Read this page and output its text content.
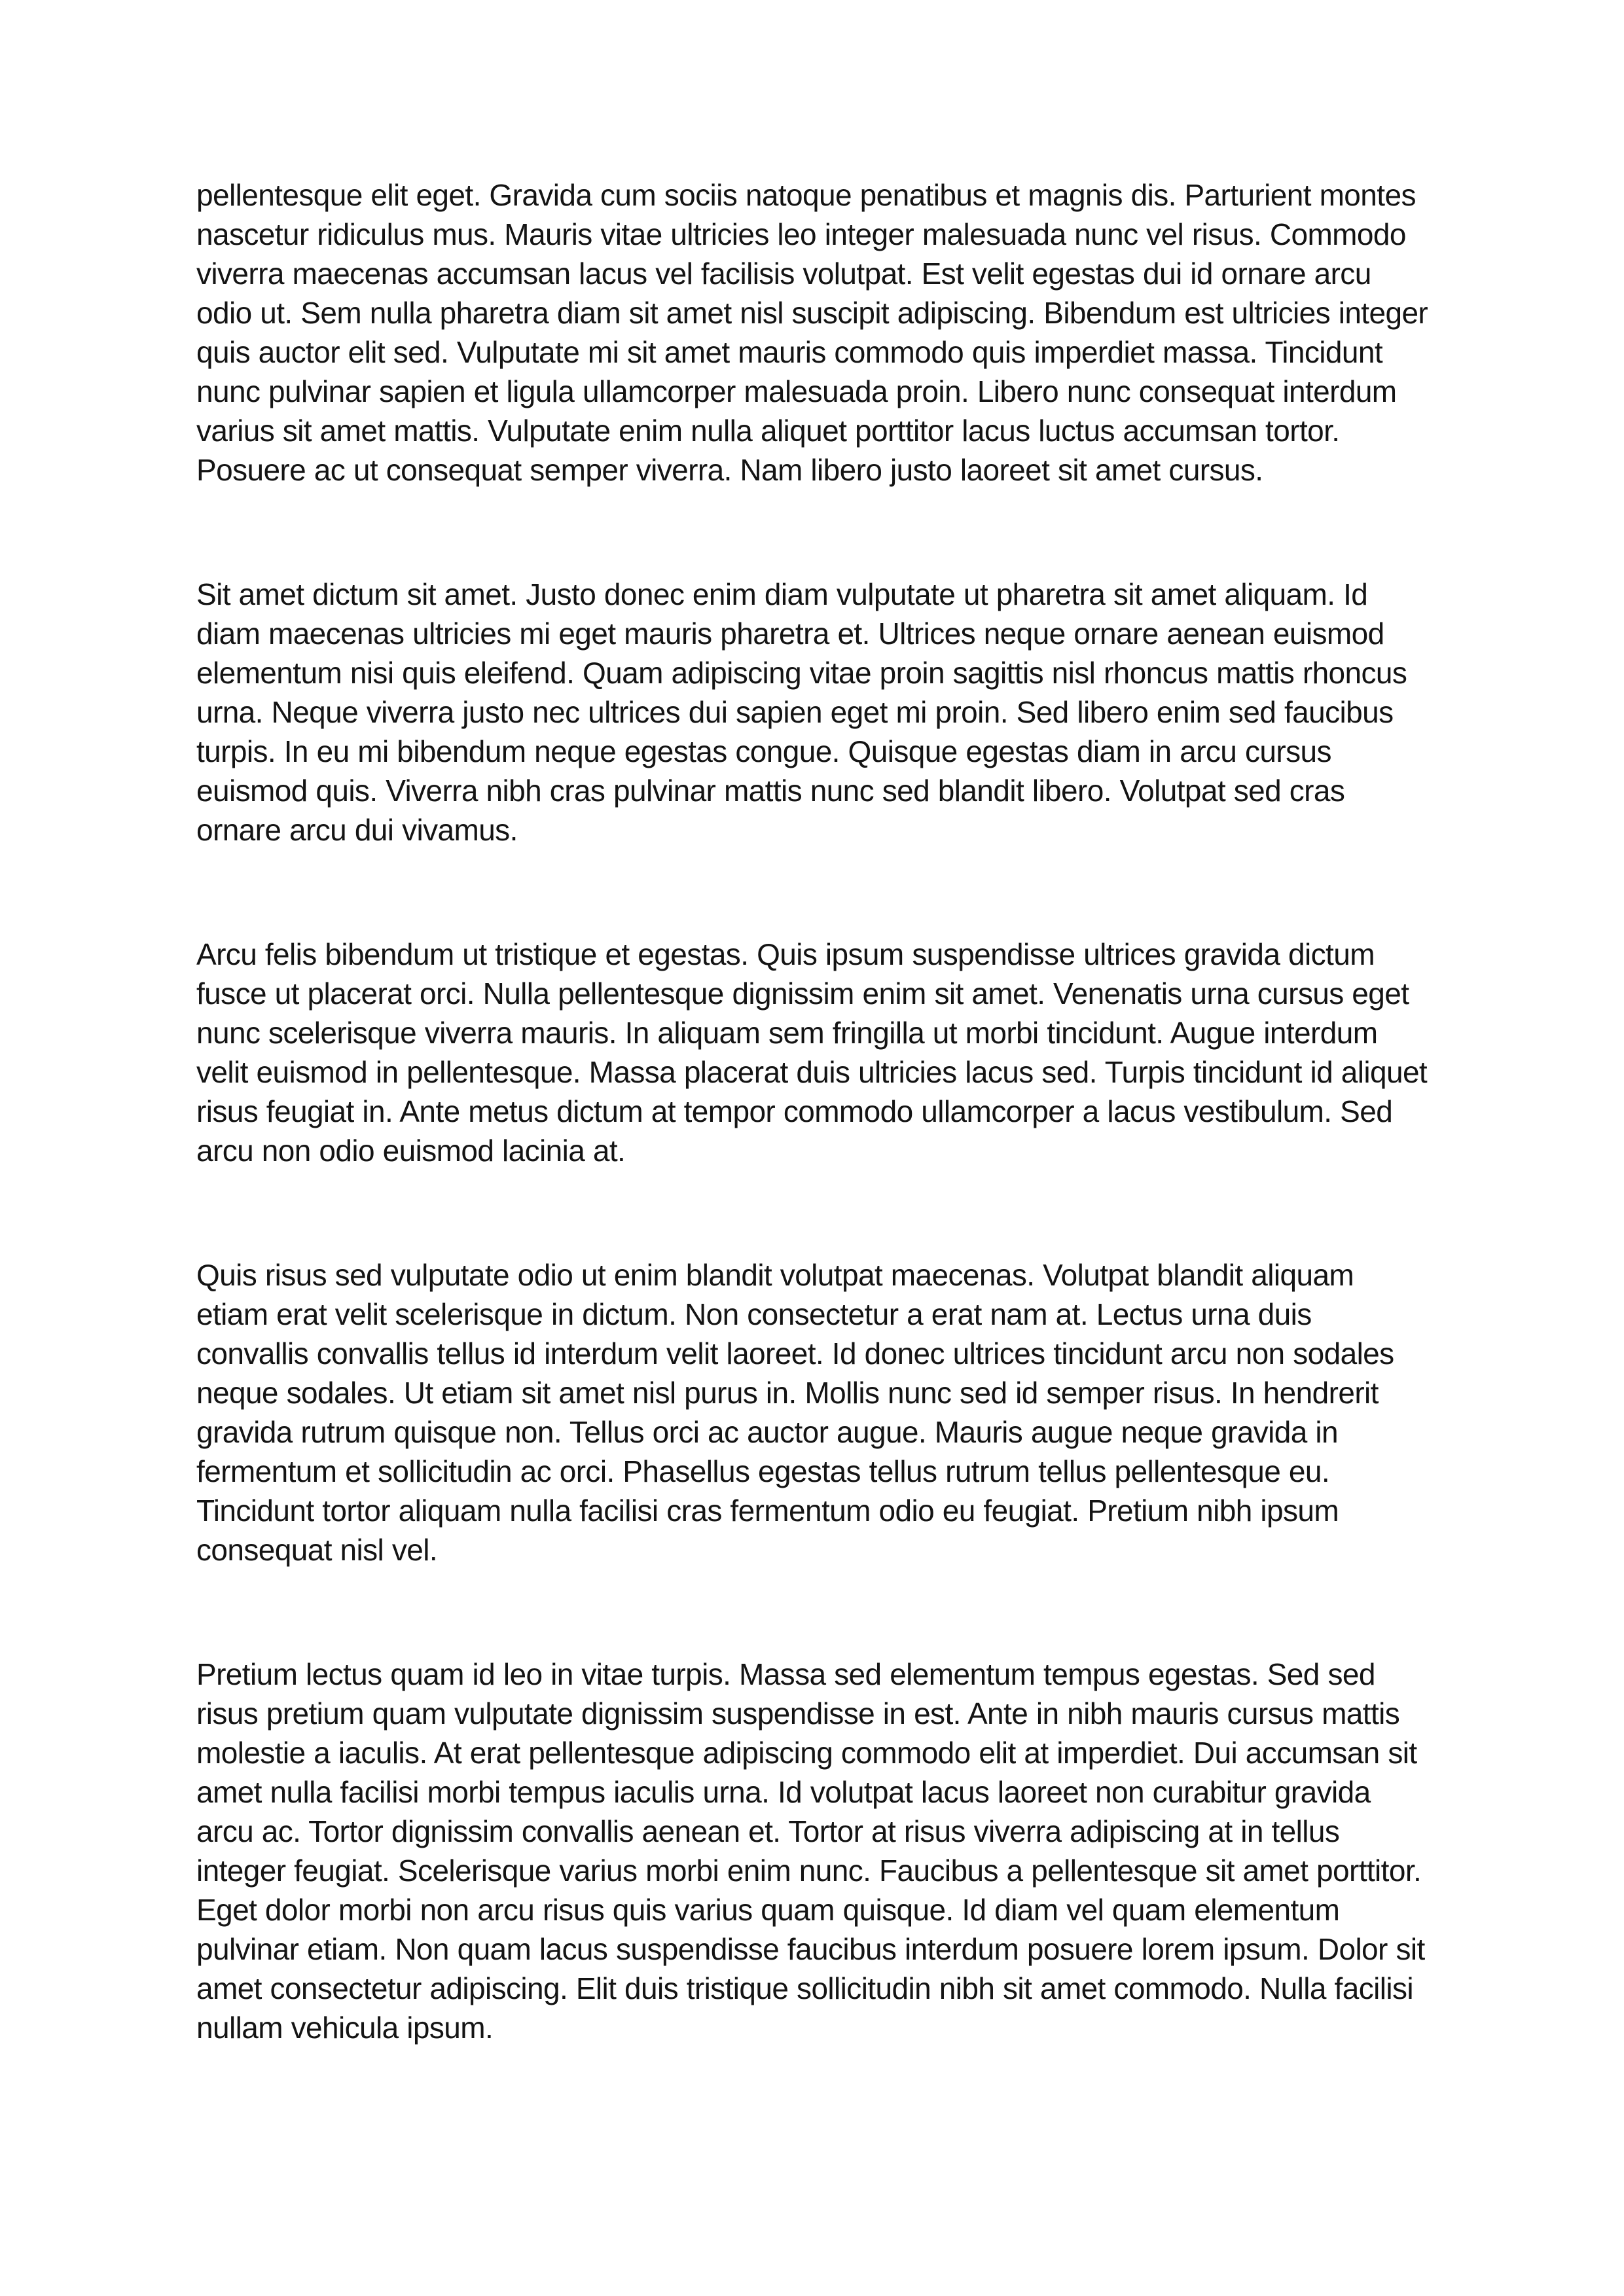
pellentesque elit eget. Gravida cum sociis natoque penatibus et magnis dis. Parturient montes nascetur ridiculus mus. Mauris vitae ultricies leo integer malesuada nunc vel risus. Commodo viverra maecenas accumsan lacus vel facilisis volutpat. Est velit egestas dui id ornare arcu odio ut. Sem nulla pharetra diam sit amet nisl suscipit adipiscing. Bibendum est ultricies integer quis auctor elit sed. Vulputate mi sit amet mauris commodo quis imperdiet massa. Tincidunt nunc pulvinar sapien et ligula ullamcorper malesuada proin. Libero nunc consequat interdum varius sit amet mattis. Vulputate enim nulla aliquet porttitor lacus luctus accumsan tortor. Posuere ac ut consequat semper viverra. Nam libero justo laoreet sit amet cursus.

Sit amet dictum sit amet. Justo donec enim diam vulputate ut pharetra sit amet aliquam. Id diam maecenas ultricies mi eget mauris pharetra et. Ultrices neque ornare aenean euismod elementum nisi quis eleifend. Quam adipiscing vitae proin sagittis nisl rhoncus mattis rhoncus urna. Neque viverra justo nec ultrices dui sapien eget mi proin. Sed libero enim sed faucibus turpis. In eu mi bibendum neque egestas congue. Quisque egestas diam in arcu cursus euismod quis. Viverra nibh cras pulvinar mattis nunc sed blandit libero. Volutpat sed cras ornare arcu dui vivamus.

Arcu felis bibendum ut tristique et egestas. Quis ipsum suspendisse ultrices gravida dictum fusce ut placerat orci. Nulla pellentesque dignissim enim sit amet. Venenatis urna cursus eget nunc scelerisque viverra mauris. In aliquam sem fringilla ut morbi tincidunt. Augue interdum velit euismod in pellentesque. Massa placerat duis ultricies lacus sed. Turpis tincidunt id aliquet risus feugiat in. Ante metus dictum at tempor commodo ullamcorper a lacus vestibulum. Sed arcu non odio euismod lacinia at.

Quis risus sed vulputate odio ut enim blandit volutpat maecenas. Volutpat blandit aliquam etiam erat velit scelerisque in dictum. Non consectetur a erat nam at. Lectus urna duis convallis convallis tellus id interdum velit laoreet. Id donec ultrices tincidunt arcu non sodales neque sodales. Ut etiam sit amet nisl purus in. Mollis nunc sed id semper risus. In hendrerit gravida rutrum quisque non. Tellus orci ac auctor augue. Mauris augue neque gravida in fermentum et sollicitudin ac orci. Phasellus egestas tellus rutrum tellus pellentesque eu. Tincidunt tortor aliquam nulla facilisi cras fermentum odio eu feugiat. Pretium nibh ipsum consequat nisl vel.

Pretium lectus quam id leo in vitae turpis. Massa sed elementum tempus egestas. Sed sed risus pretium quam vulputate dignissim suspendisse in est. Ante in nibh mauris cursus mattis molestie a iaculis. At erat pellentesque adipiscing commodo elit at imperdiet. Dui accumsan sit amet nulla facilisi morbi tempus iaculis urna. Id volutpat lacus laoreet non curabitur gravida arcu ac. Tortor dignissim convallis aenean et. Tortor at risus viverra adipiscing at in tellus integer feugiat. Scelerisque varius morbi enim nunc. Faucibus a pellentesque sit amet porttitor. Eget dolor morbi non arcu risus quis varius quam quisque. Id diam vel quam elementum pulvinar etiam. Non quam lacus suspendisse faucibus interdum posuere lorem ipsum. Dolor sit amet consectetur adipiscing. Elit duis tristique sollicitudin nibh sit amet commodo. Nulla facilisi nullam vehicula ipsum.
